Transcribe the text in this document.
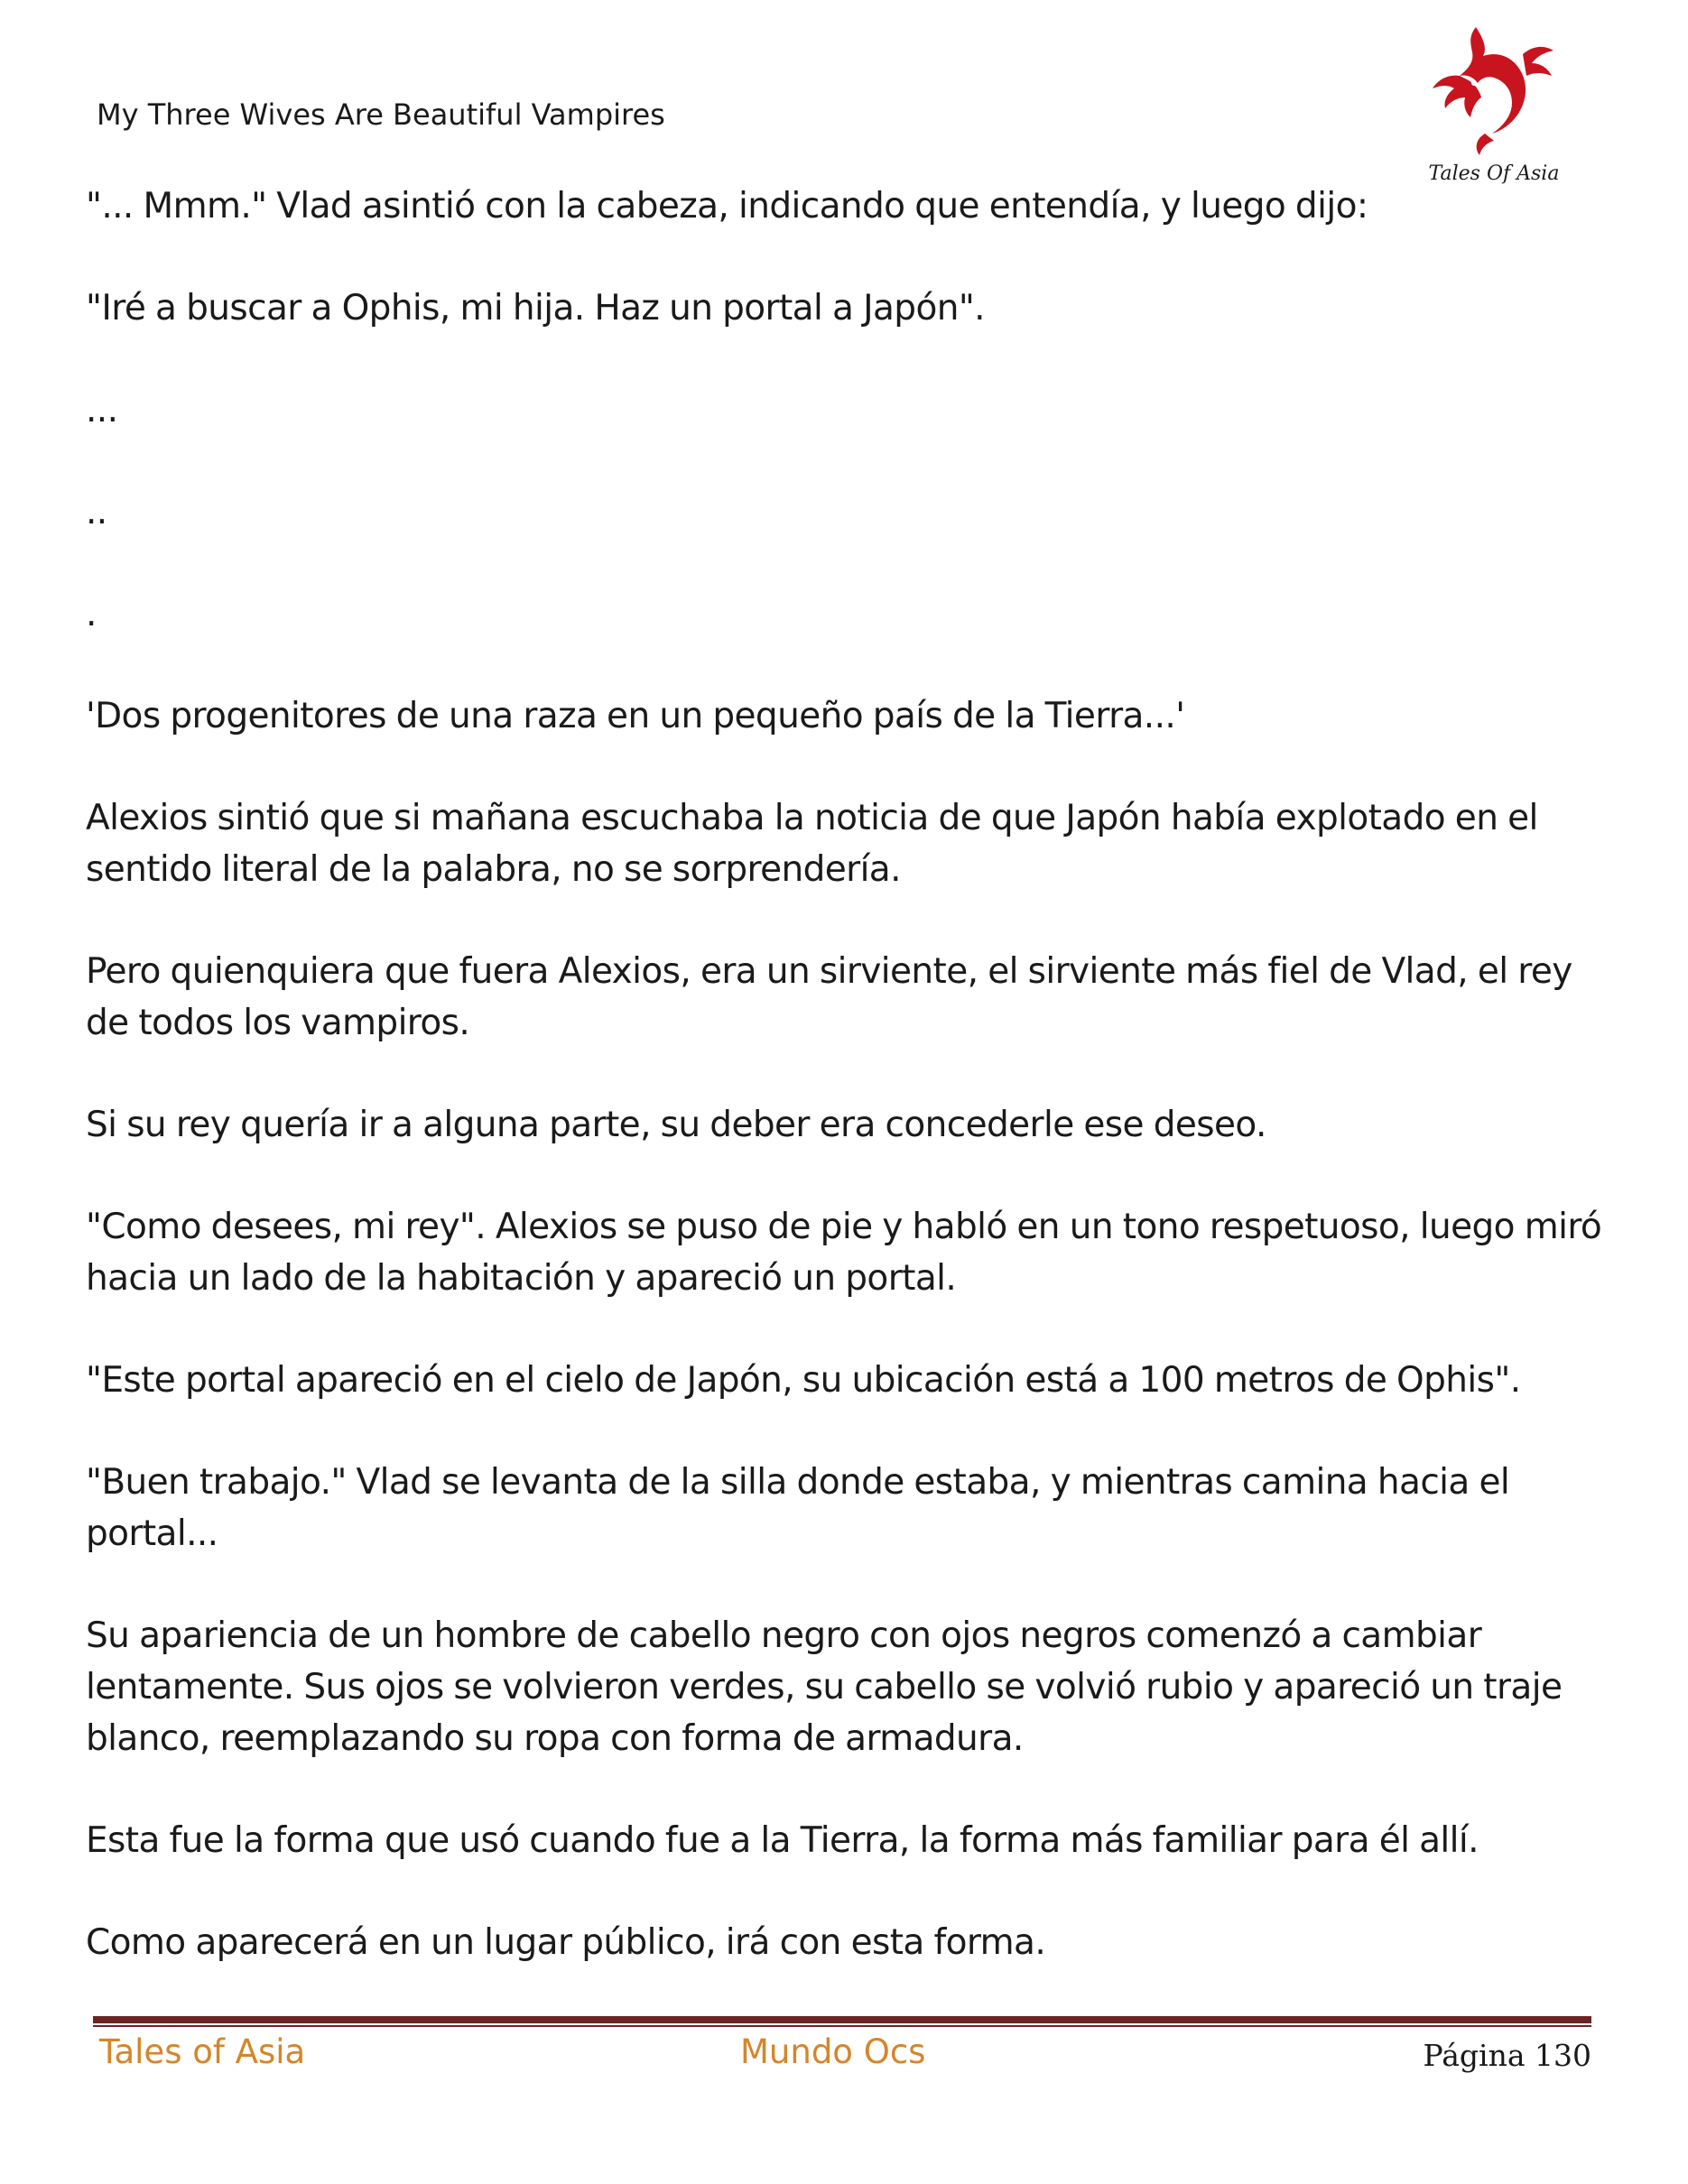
My Three Wives Are Beautiful Vampires
Tales Of Asia

"... Mmm." Vlad asintió con la cabeza, indicando que entendía, y luego dijo:

"Iré a buscar a Ophis, mi hija. Haz un portal a Japón".

...

..

.

'Dos progenitores de una raza en un pequeño país de la Tierra...'

Alexios sintió que si mañana escuchaba la noticia de que Japón había explotado en el sentido literal de la palabra, no se sorprendería.

Pero quienquiera que fuera Alexios, era un sirviente, el sirviente más fiel de Vlad, el rey de todos los vampiros.

Si su rey quería ir a alguna parte, su deber era concederle ese deseo.

"Como desees, mi rey". Alexios se puso de pie y habló en un tono respetuoso, luego miró hacia un lado de la habitación y apareció un portal.

"Este portal apareció en el cielo de Japón, su ubicación está a 100 metros de Ophis".

"Buen trabajo." Vlad se levanta de la silla donde estaba, y mientras camina hacia el portal...

Su apariencia de un hombre de cabello negro con ojos negros comenzó a cambiar lentamente. Sus ojos se volvieron verdes, su cabello se volvió rubio y apareció un traje blanco, reemplazando su ropa con forma de armadura.

Esta fue la forma que usó cuando fue a la Tierra, la forma más familiar para él allí.

Como aparecerá en un lugar público, irá con esta forma.

Tales of Asia	Mundo Ocs	Página 130
